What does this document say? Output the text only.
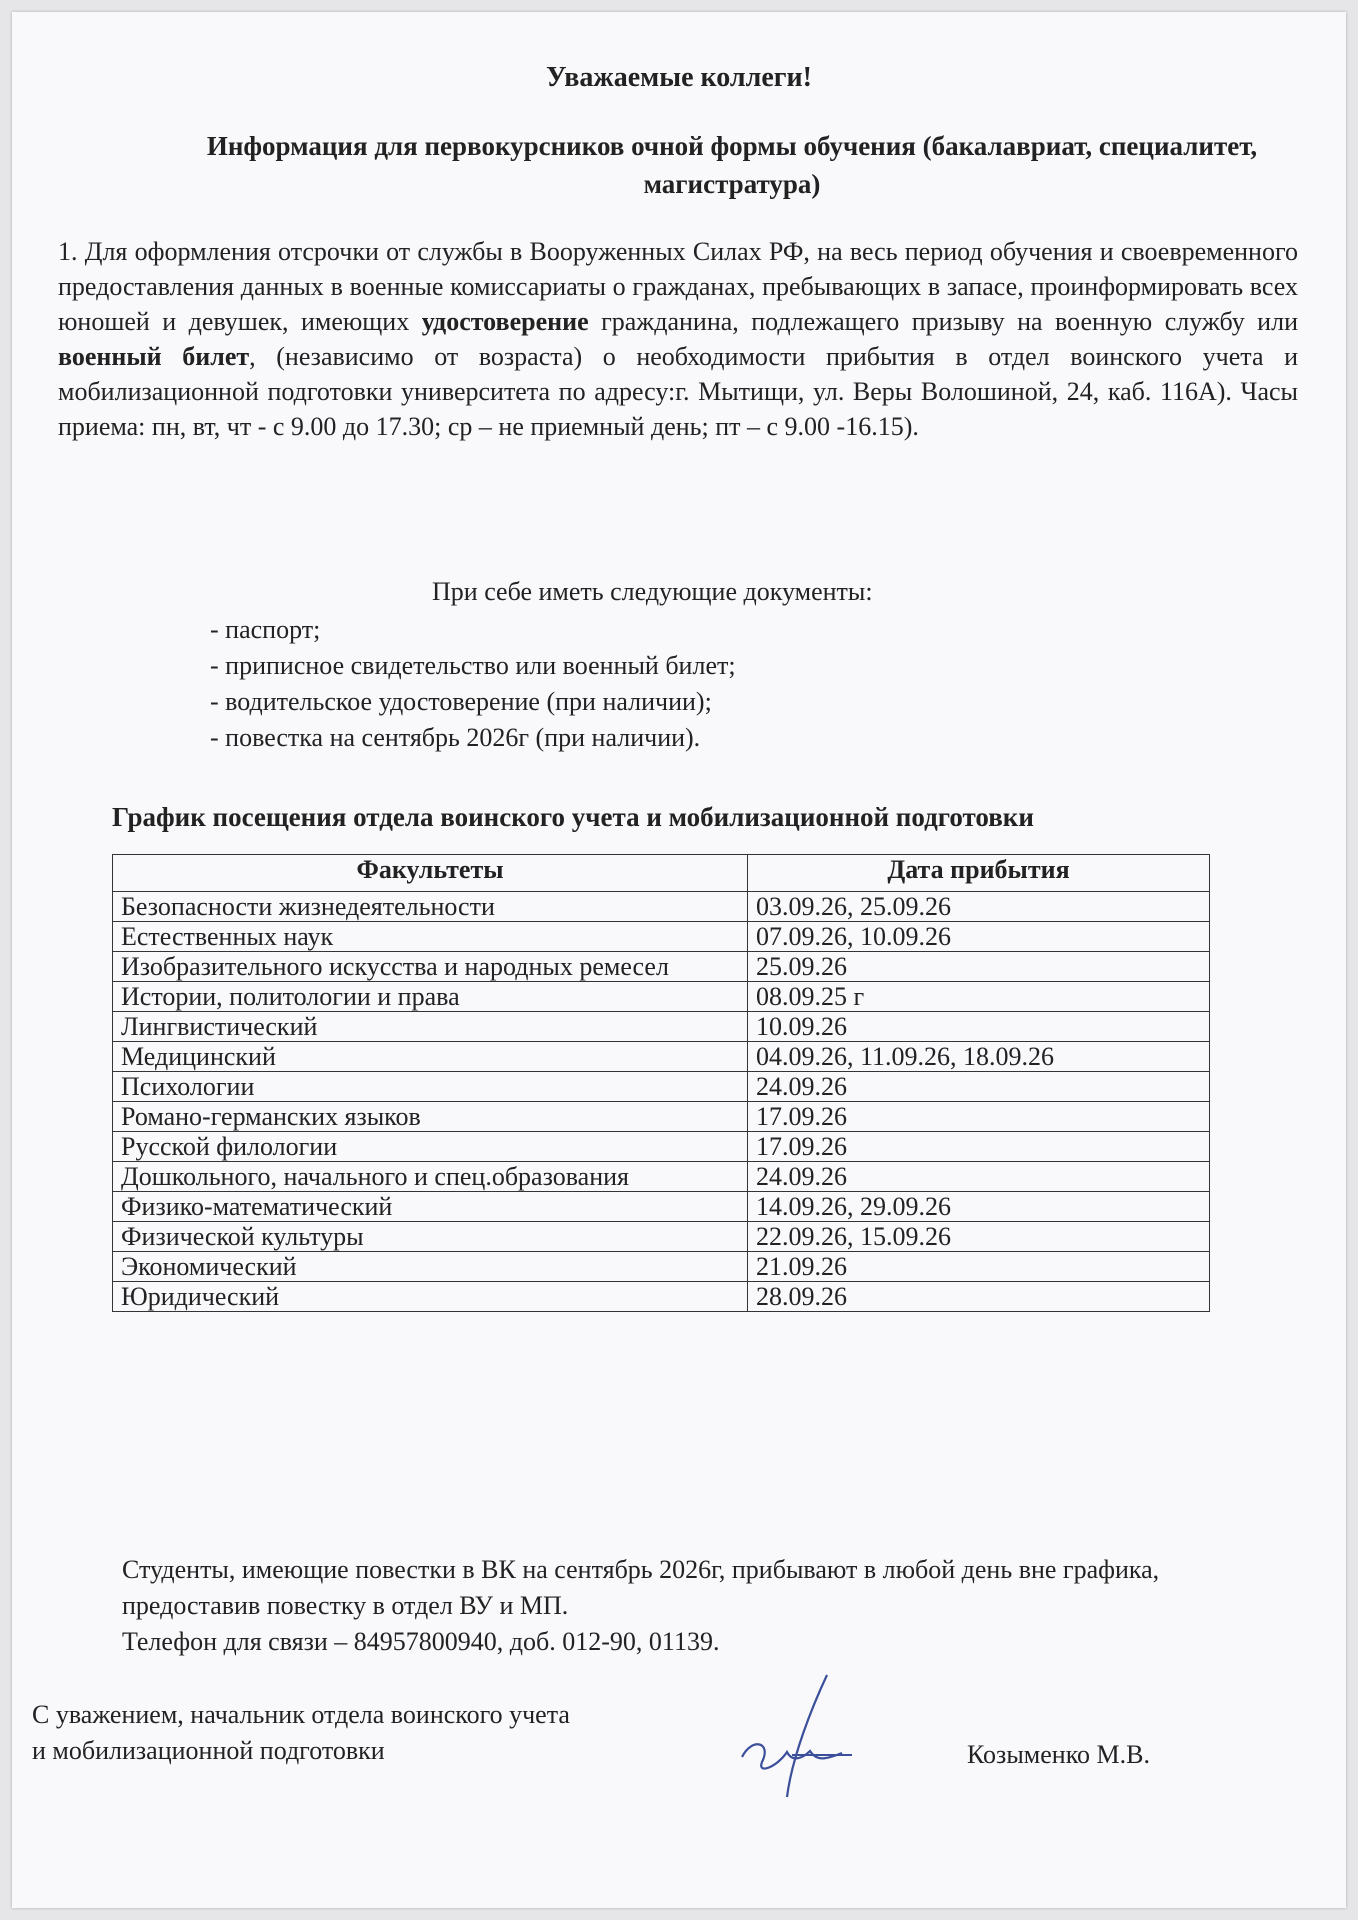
Уважаемые коллеги!

Информация для первокурсников очной формы обучения (бакалавриат, специалитет, магистратура)

1. Для оформления отсрочки от службы в Вооруженных Силах РФ, на весь период обучения и своевременного предоставления данных в военные комиссариаты о гражданах, пребывающих в запасе, проинформировать всех юношей и девушек, имеющих удостоверение гражданина, подлежащего призыву на военную службу или военный билет, (независимо от возраста) о необходимости прибытия в отдел воинского учета и мобилизационной подготовки университета по адресу:г. Мытищи, ул. Веры Волошиной, 24, каб. 116А). Часы приема: пн, вт, чт - с 9.00 до 17.30; ср – не приемный день; пт – с 9.00 -16.15).

При себе иметь следующие документы:

- паспорт;
- приписное свидетельство или военный билет;
- водительское удостоверение (при наличии);
- повестка на сентябрь 2026г (при наличии).

График посещения отдела воинского учета и мобилизационной подготовки

Факультеты	Дата прибытия
Безопасности жизнедеятельности	03.09.26, 25.09.26
Естественных наук	07.09.26, 10.09.26
Изобразительного искусства и народных ремесел	25.09.26
Истории, политологии и права	08.09.25 г
Лингвистический	10.09.26
Медицинский	04.09.26, 11.09.26, 18.09.26
Психологии	24.09.26
Романо-германских языков	17.09.26
Русской филологии	17.09.26
Дошкольного, начального и спец.образования	24.09.26
Физико-математический	14.09.26, 29.09.26
Физической культуры	22.09.26, 15.09.26
Экономический	21.09.26
Юридический	28.09.26
Студенты, имеющие повестки в ВК на сентябрь 2026г, прибывают в любой день вне графика, предоставив повестку в отдел ВУ и МП.
Телефон для связи – 84957800940, доб. 012-90, 01139.
С уважением, начальник отдела воинского учета
и мобилизационной подготовки	Козыменко М.В.
